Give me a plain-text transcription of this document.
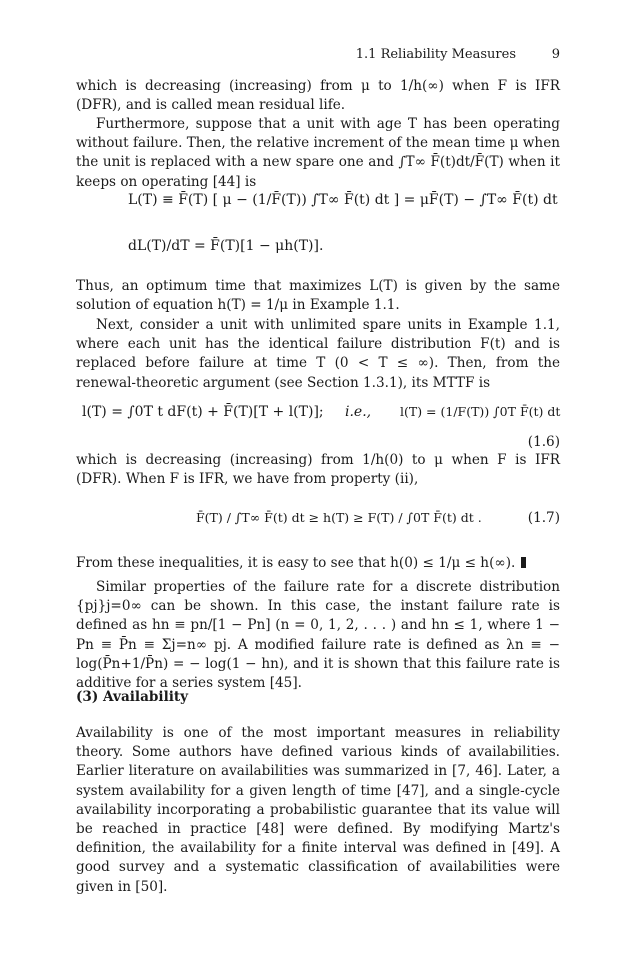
1.1 Reliability Measures	9
which is decreasing (increasing) from μ to 1/h(∞) when F is IFR (DFR), and is called mean residual life.
Furthermore, suppose that a unit with age T has been operating without failure. Then, the relative increment of the mean time μ when the unit is replaced with a new spare one and ∫T∞ F̄(t)dt/F̄(T) when it keeps on operating [44] is
L(T) ≡ F̄(T) [ μ − (1/F̄(T)) ∫T∞ F̄(t) dt ] = μF̄(T) − ∫T∞ F̄(t) dt
dL(T)/dT = F̄(T)[1 − μh(T)].
Thus, an optimum time that maximizes L(T) is given by the same solution of equation h(T) = 1/μ in Example 1.1.
Next, consider a unit with unlimited spare units in Example 1.1, where each unit has the identical failure distribution F(t) and is replaced before failure at time T (0 < T ≤ ∞). Then, from the renewal-theoretic argument (see Section 1.3.1), its MTTF is
l(T) = ∫0T t dF(t) + F̄(T)[T + l(T)]; i.e., l(T) = (1/F(T)) ∫0T F̄(t) dt
(1.6)
which is decreasing (increasing) from 1/h(0) to μ when F is IFR (DFR). When F is IFR, we have from property (ii),
F̄(T) / ∫T∞ F̄(t) dt ≥ h(T) ≥ F(T) / ∫0T F̄(t) dt .	(1.7)
From these inequalities, it is easy to see that h(0) ≤ 1/μ ≤ h(∞).
Similar properties of the failure rate for a discrete distribution {pj}j=0∞ can be shown. In this case, the instant failure rate is defined as hn ≡ pn/[1 − Pn] (n = 0, 1, 2, . . . ) and hn ≤ 1, where 1 − Pn ≡ P̄n ≡ Σj=n∞ pj. A modified failure rate is defined as λn ≡ − log(P̄n+1/P̄n) = − log(1 − hn), and it is shown that this failure rate is additive for a series system [45].
(3) Availability
Availability is one of the most important measures in reliability theory. Some authors have defined various kinds of availabilities. Earlier literature on availabilities was summarized in [7, 46]. Later, a system availability for a given length of time [47], and a single-cycle availability incorporating a probabilistic guarantee that its value will be reached in practice [48] were defined. By modifying Martz's definition, the availability for a finite interval was defined in [49]. A good survey and a systematic classification of availabilities were given in [50].
